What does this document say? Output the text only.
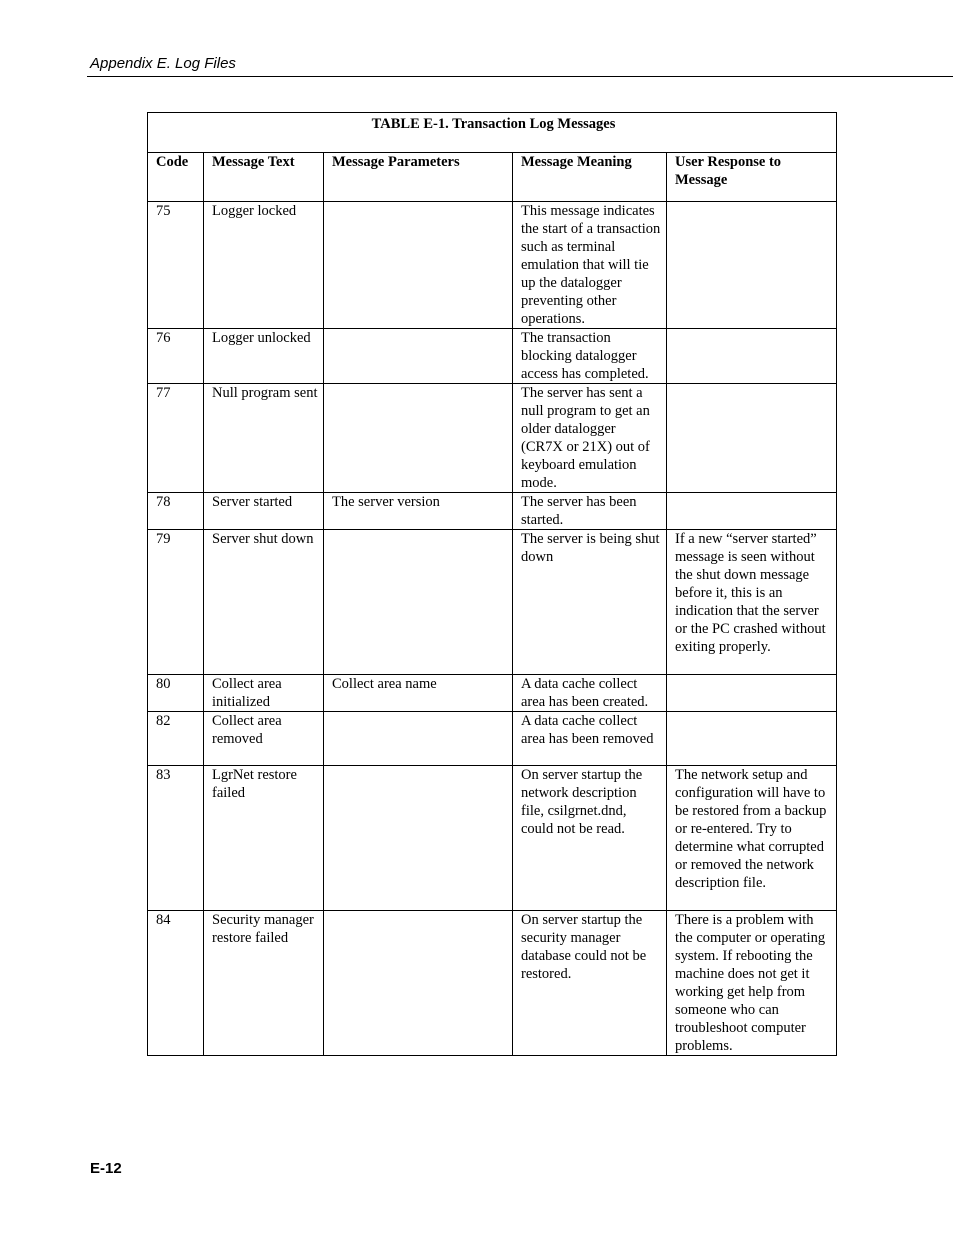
Appendix E. Log Files
TABLE E-1. Transaction Log Messages				
Code	Message Text	Message Parameters	Message Meaning	User Response to Message
75	Logger locked		This message indicates the start of a transaction such as terminal emulation that will tie up the datalogger preventing other operations.	
76	Logger unlocked		The transaction blocking datalogger access has completed.	
77	Null program sent		The server has sent a null program to get an older datalogger (CR7X or 21X) out of keyboard emulation mode.	
78	Server started	The server version	The server has been started.	
79	Server shut down		The server is being shut down	If a new “server started” message is seen without the shut down message before it, this is an indication that the server or the PC crashed without exiting properly.
80	Collect area initialized	Collect area name	A data cache collect area has been created.	
82	Collect area removed		A data cache collect area has been removed	
83	LgrNet restore failed		On server startup the network description file, csilgrnet.dnd, could not be read.	The network setup and configuration will have to be restored from a backup or re-entered. Try to determine what corrupted or removed the network description file.
84	Security manager restore failed		On server startup the security manager database could not be restored.	There is a problem with the computer or operating system. If rebooting the machine does not get it working get help from someone who can troubleshoot computer problems.
E-12
